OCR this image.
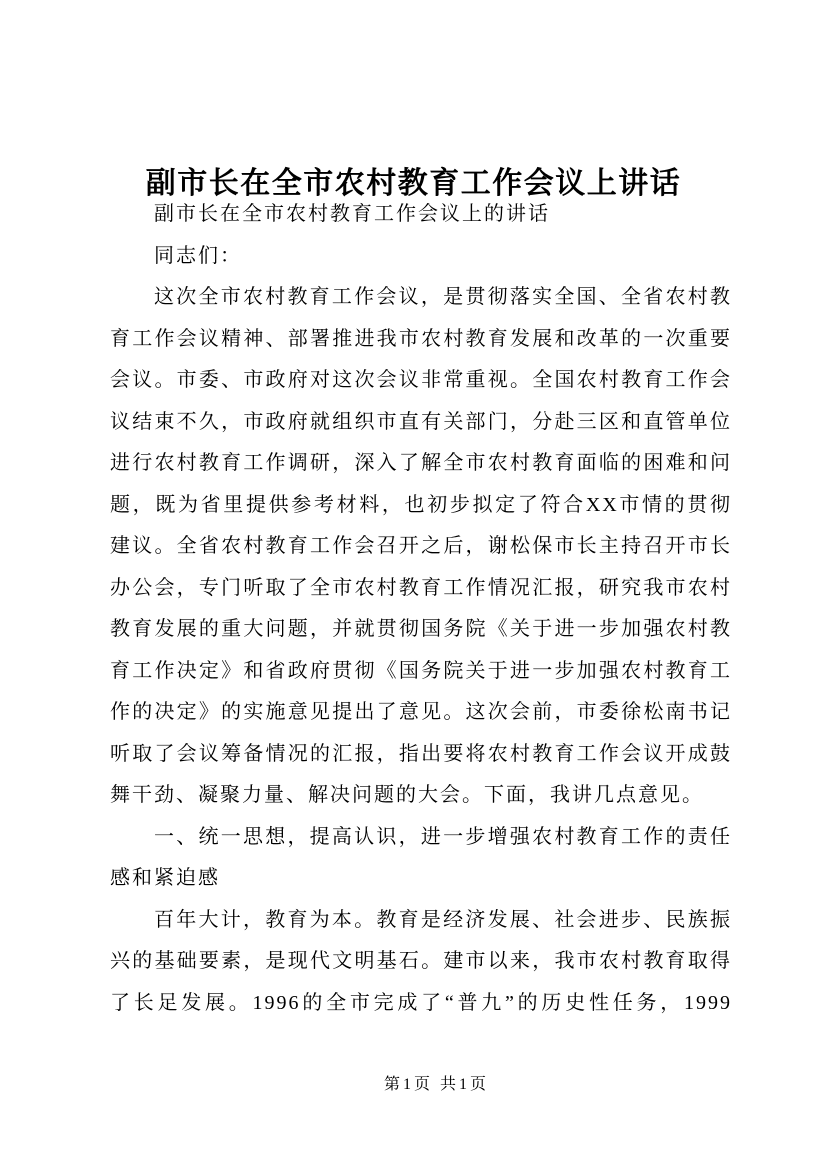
副市长在全市农村教育工作会议上讲话
副市长在全市农村教育工作会议上的讲话
同志们：
这次全市农村教育工作会议，是贯彻落实全国、全省农村教
育工作会议精神、部署推进我市农村教育发展和改革的一次重要
会议。市委、市政府对这次会议非常重视。全国农村教育工作会
议结束不久，市政府就组织市直有关部门，分赴三区和直管单位
进行农村教育工作调研，深入了解全市农村教育面临的困难和问
题，既为省里提供参考材料，也初步拟定了符合XX市情的贯彻
建议。全省农村教育工作会召开之后，谢松保市长主持召开市长
办公会，专门听取了全市农村教育工作情况汇报，研究我市农村
教育发展的重大问题，并就贯彻国务院《关于进一步加强农村教
育工作决定》和省政府贯彻《国务院关于进一步加强农村教育工
作的决定》的实施意见提出了意见。这次会前，市委徐松南书记
听取了会议筹备情况的汇报，指出要将农村教育工作会议开成鼓
舞干劲、凝聚力量、解决问题的大会。下面，我讲几点意见。
一、统一思想，提高认识，进一步增强农村教育工作的责任
感和紧迫感
百年大计，教育为本。教育是经济发展、社会进步、民族振
兴的基础要素，是现代文明基石。建市以来，我市农村教育取得
了长足发展。1996的全市完成了“普九”的历史性任务，1999
第1页 共1页
